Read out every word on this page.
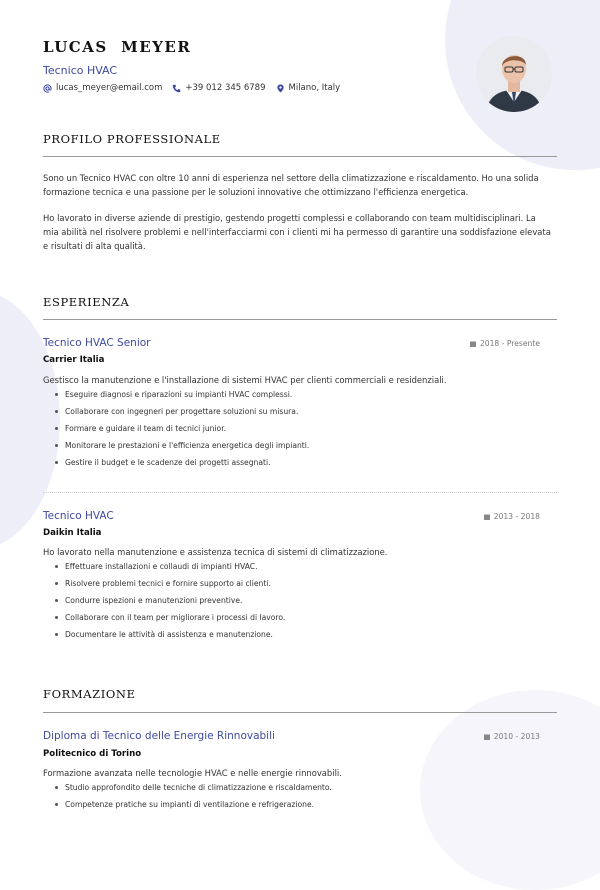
LUCAS  MEYER
Tecnico HVAC
lucas_meyer@email.com	+39 012 345 6789	Milano, Italy
PROFILO PROFESSIONALE
Sono un Tecnico HVAC con oltre 10 anni di esperienza nel settore della climatizzazione e riscaldamento. Ho una solida formazione tecnica e una passione per le soluzioni innovative che ottimizzano l'efficienza energetica.
Ho lavorato in diverse aziende di prestigio, gestendo progetti complessi e collaborando con team multidisciplinari. La mia abilità nel risolvere problemi e nell'interfacciarmi con i clienti mi ha permesso di garantire una soddisfazione elevata e risultati di alta qualità.
ESPERIENZA
Tecnico HVAC Senior	2018 - Presente
Carrier Italia
Gestisco la manutenzione e l'installazione di sistemi HVAC per clienti commerciali e residenziali.
Eseguire diagnosi e riparazioni su impianti HVAC complessi.
Collaborare con ingegneri per progettare soluzioni su misura.
Formare e guidare il team di tecnici junior.
Monitorare le prestazioni e l'efficienza energetica degli impianti.
Gestire il budget e le scadenze dei progetti assegnati.
Tecnico HVAC	2013 - 2018
Daikin Italia
Ho lavorato nella manutenzione e assistenza tecnica di sistemi di climatizzazione.
Effettuare installazioni e collaudi di impianti HVAC.
Risolvere problemi tecnici e fornire supporto ai clienti.
Condurre ispezioni e manutenzioni preventive.
Collaborare con il team per migliorare i processi di lavoro.
Documentare le attività di assistenza e manutenzione.
FORMAZIONE
Diploma di Tecnico delle Energie Rinnovabili	2010 - 2013
Politecnico di Torino
Formazione avanzata nelle tecnologie HVAC e nelle energie rinnovabili.
Studio approfondito delle tecniche di climatizzazione e riscaldamento.
Competenze pratiche su impianti di ventilazione e refrigerazione.
